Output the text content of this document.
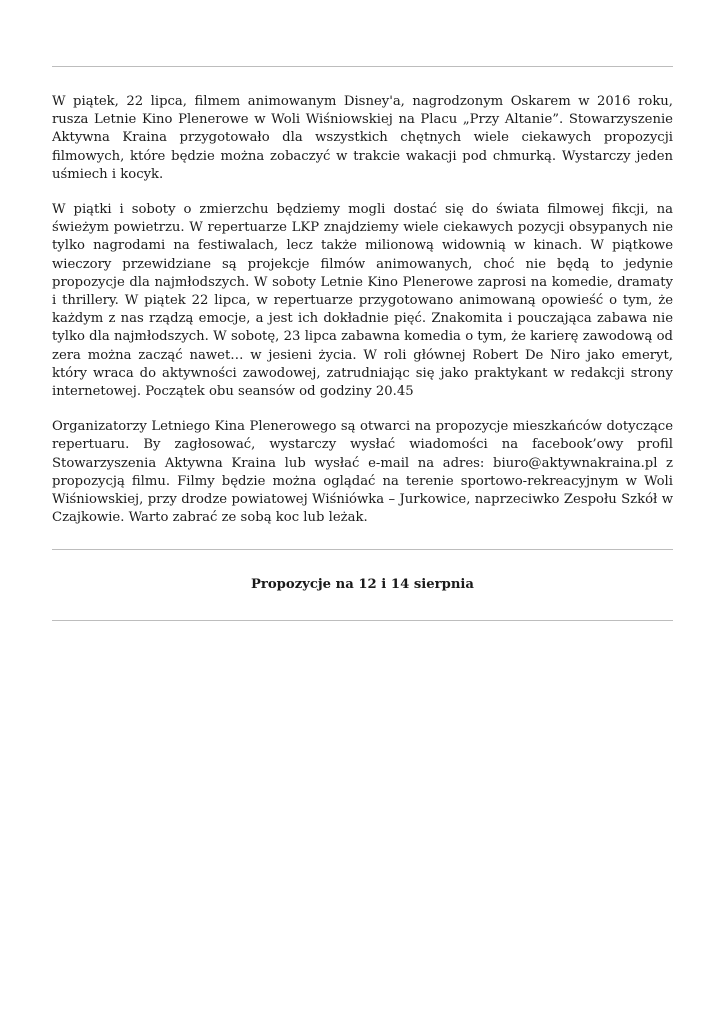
W piątek, 22 lipca, filmem animowanym Disney'a, nagrodzonym Oskarem w 2016 roku, rusza Letnie Kino Plenerowe w Woli Wiśniowskiej na Placu „Przy Altanie”. Stowarzyszenie Aktywna Kraina przygotowało dla wszystkich chętnych wiele ciekawych propozycji filmowych, które będzie można zobaczyć w trakcie wakacji pod chmurką. Wystarczy jeden uśmiech i kocyk.

W piątki i soboty o zmierzchu będziemy mogli dostać się do świata filmowej fikcji, na świeżym powietrzu. W repertuarze LKP znajdziemy wiele ciekawych pozycji obsypanych nie tylko nagrodami na festiwalach, lecz także milionową widownią w kinach. W piątkowe wieczory przewidziane są projekcje filmów animowanych, choć nie będą to jedynie propozycje dla najmłodszych. W soboty Letnie Kino Plenerowe zaprosi na komedie, dramaty i thrillery. W piątek 22 lipca, w repertuarze przygotowano animowaną opowieść o tym, że każdym z nas rządzą emocje, a jest ich dokładnie pięć. Znakomita i pouczająca zabawa nie tylko dla najmłodszych. W sobotę, 23 lipca zabawna komedia o tym, że karierę zawodową od zera można zacząć nawet… w jesieni życia. W roli głównej Robert De Niro jako emeryt, który wraca do aktywności zawodowej, zatrudniając się jako praktykant w redakcji strony internetowej. Początek obu seansów od godziny 20.45

Organizatorzy Letniego Kina Plenerowego są otwarci na propozycje mieszkańców dotyczące repertuaru. By zagłosować, wystarczy wysłać wiadomości na facebook’owy profil Stowarzyszenia Aktywna Kraina lub wysłać e-mail na adres: biuro@aktywnakraina.pl z propozycją filmu. Filmy będzie można oglądać na terenie sportowo-rekreacyjnym w Woli Wiśniowskiej, przy drodze powiatowej Wiśniówka – Jurkowice, naprzeciwko Zespołu Szkół w Czajkowie. Warto zabrać ze sobą koc lub leżak.

Propozycje na 12 i 14 sierpnia
